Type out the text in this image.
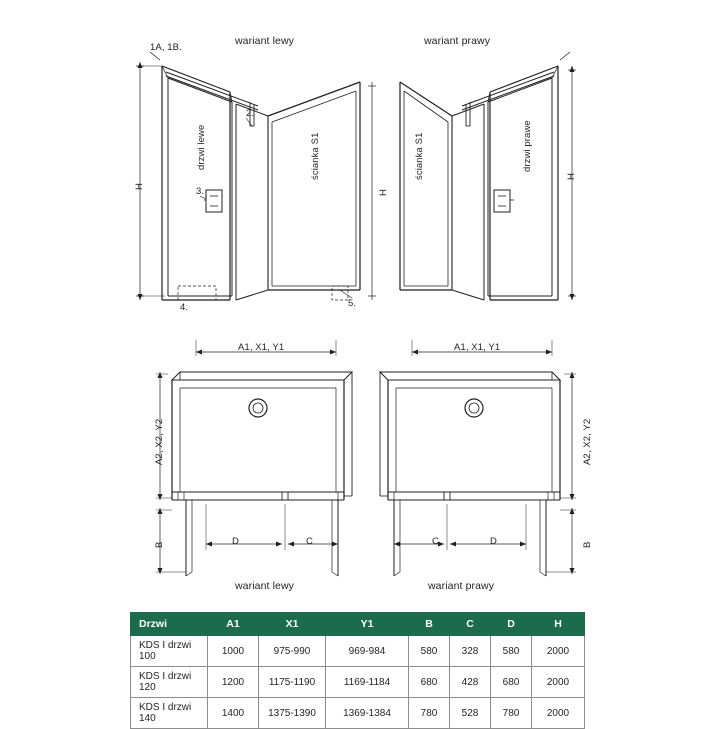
wariant lewy	wariant prawy
1A, 1B.
H
H
H
drzwi lewe	ścianka S1	ścianka S1	drzwi prawe
2.
3.
4.	5.
A1, X1, Y1	A1, X1, Y1
A2, X2, Y2
B
A2, X2, Y2
B
D	C	C	D
wariant lewy	wariant prawy
Drzwi	A1	X1	Y1	B	C	D	H
KDS I drzwi 100	1000	975-990	969-984	580	328	580	2000
KDS I drzwi 120	1200	1175-1190	1169-1184	680	428	680	2000
KDS I drzwi 140	1400	1375-1390	1369-1384	780	528	780	2000
